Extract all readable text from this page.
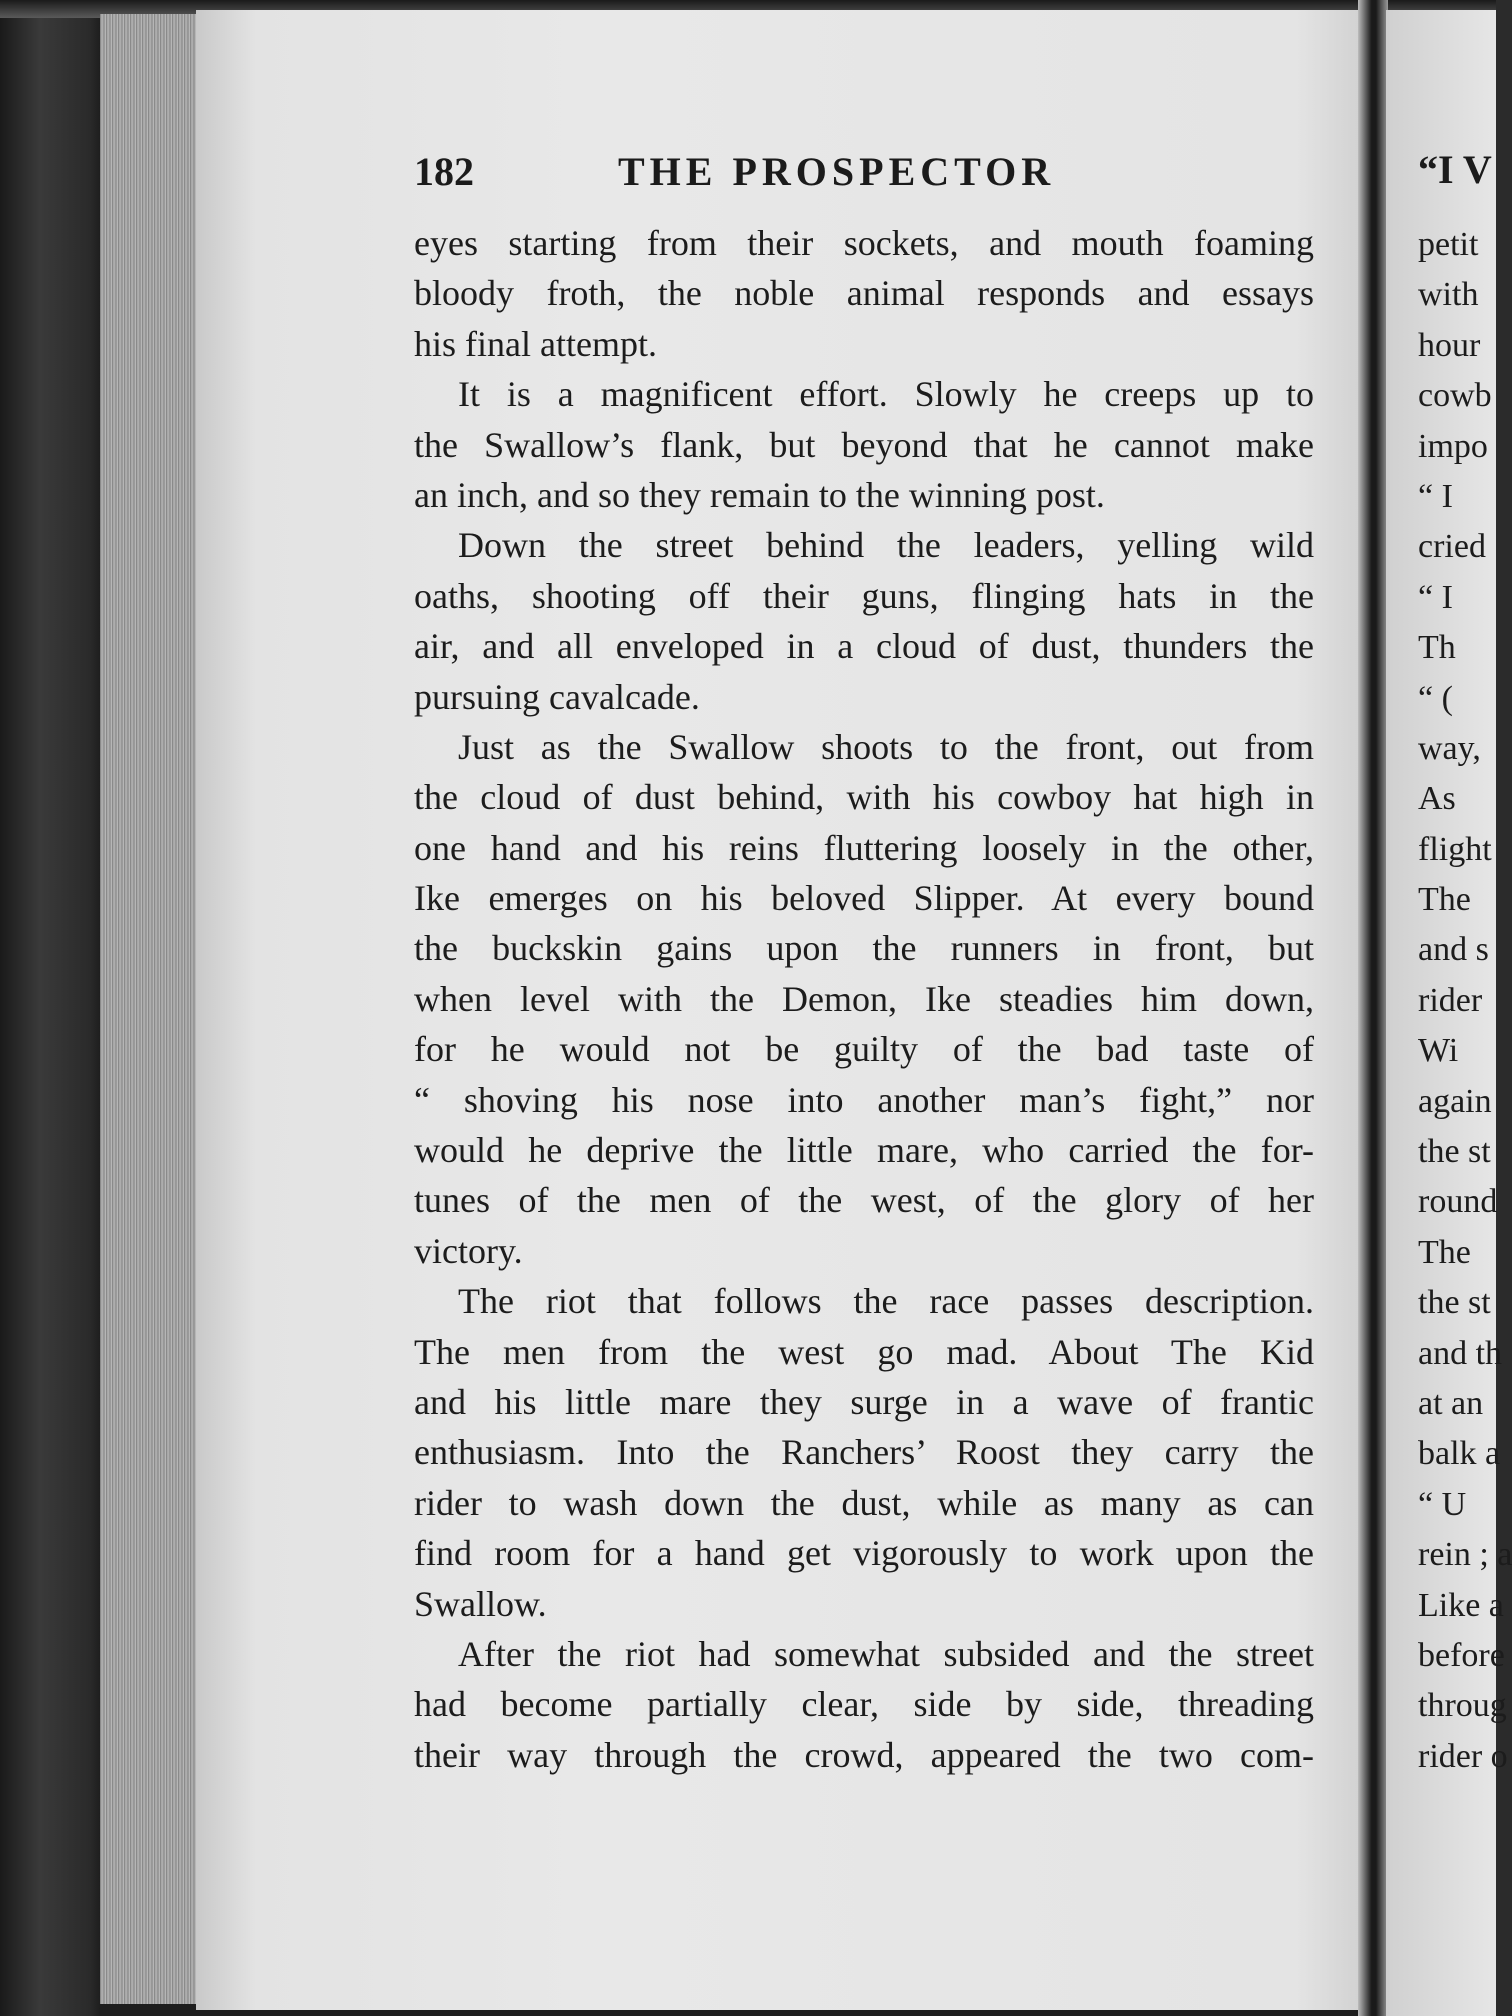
182	THE PROSPECTOR
eyes starting from their sockets, and mouth foaming
bloody froth, the noble animal responds and essays
his final attempt.
It is a magnificent effort. Slowly he creeps up to
the Swallow’s flank, but beyond that he cannot make
an inch, and so they remain to the winning post.
Down the street behind the leaders, yelling wild
oaths, shooting off their guns, flinging hats in the
air, and all enveloped in a cloud of dust, thunders the
pursuing cavalcade.
Just as the Swallow shoots to the front, out from
the cloud of dust behind, with his cowboy hat high in
one hand and his reins fluttering loosely in the other,
Ike emerges on his beloved Slipper. At every bound
the buckskin gains upon the runners in front, but
when level with the Demon, Ike steadies him down,
for he would not be guilty of the bad taste of
“ shoving his nose into another man’s fight,” nor
would he deprive the little mare, who carried the for-
tunes of the men of the west, of the glory of her
victory.
The riot that follows the race passes description.
The men from the west go mad. About The Kid
and his little mare they surge in a wave of frantic
enthusiasm. Into the Ranchers’ Roost they carry the
rider to wash down the dust, while as many as can
find room for a hand get vigorously to work upon the
Swallow.
After the riot had somewhat subsided and the street
had become partially clear, side by side, threading
their way through the crowd, appeared the two com-
“I V
petit
with
hour
cowb
impo
“ I
cried
“ I
Th
“ (
way,
As
flight
The
and s
rider
Wi
again
the st
round
The
the st
and th
at an
balk a
“ U
rein ; a
Like a
before
throug
rider o
